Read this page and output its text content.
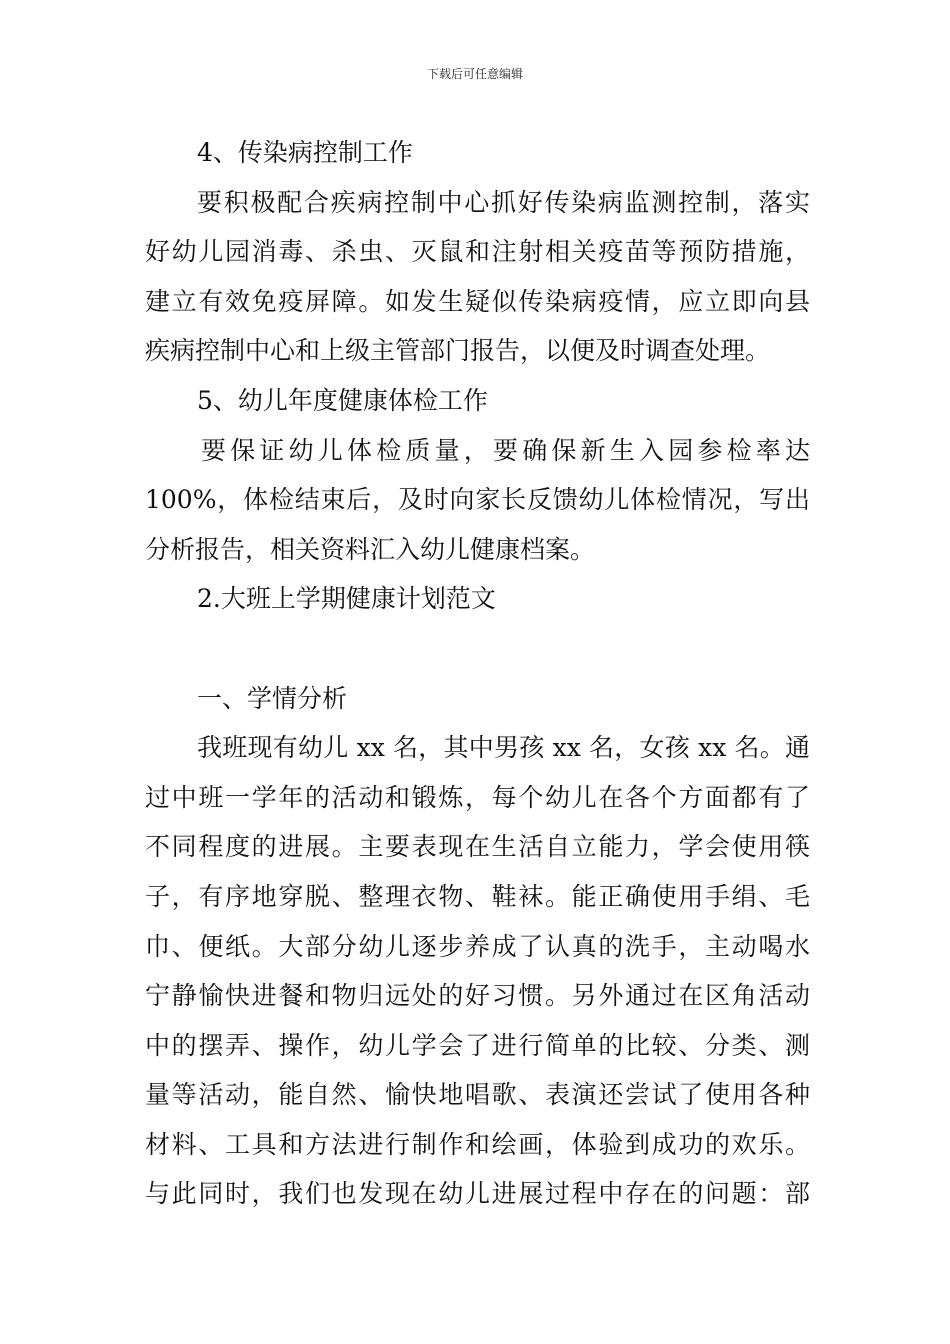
下载后可任意编辑
4、传染病控制工作
要积极配合疾病控制中心抓好传染病监测控制，落实
好幼儿园消毒、杀虫、灭鼠和注射相关疫苗等预防措施，
建立有效免疫屏障。如发生疑似传染病疫情，应立即向县
疾病控制中心和上级主管部门报告，以便及时调查处理。
5、幼儿年度健康体检工作
要保证幼儿体检质量，要确保新生入园参检率达
100%，体检结束后，及时向家长反馈幼儿体检情况，写出
分析报告，相关资料汇入幼儿健康档案。
2.大班上学期健康计划范文
一、学情分析
我班现有幼儿 xx 名，其中男孩 xx 名，女孩 xx 名。通
过中班一学年的活动和锻炼，每个幼儿在各个方面都有了
不同程度的进展。主要表现在生活自立能力，学会使用筷
子，有序地穿脱、整理衣物、鞋袜。能正确使用手绢、毛
巾、便纸。大部分幼儿逐步养成了认真的洗手，主动喝水
宁静愉快进餐和物归远处的好习惯。另外通过在区角活动
中的摆弄、操作，幼儿学会了进行简单的比较、分类、测
量等活动，能自然、愉快地唱歌、表演还尝试了使用各种
材料、工具和方法进行制作和绘画，体验到成功的欢乐。
与此同时，我们也发现在幼儿进展过程中存在的问题：部
